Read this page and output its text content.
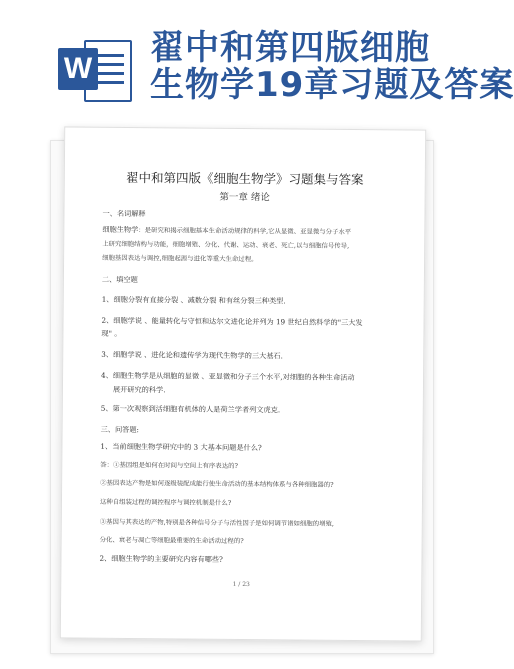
W
翟中和第四版细胞
生物学19章习题及答案
翟中和第四版《细胞生物学》习题集与答案
第一章 绪论
一、名词解释
细胞生物学：是研究和揭示细胞基本生命活动规律的科学,它从显微、亚显微与分子水平
上研究细胞结构与功能，细胞增殖、分化、代谢、运动、衰老、死亡,以与细胞信号传导,
细胞基因表达与调控,细胞起源与进化等重大生命过程。
二、填空题
1、细胞分裂有直接分裂 、减数分裂 和有丝分裂三种类型.
2、细胞学说 、能量转化与守恒和达尔文进化论并列为 19 世纪自然科学的"三大发
现" 。
3、细胞学说 、进化论和遗传学为现代生物学的三大基石.
4、细胞生物学是从细胞的显微 、亚显微和分子三个水平,对细胞的各种生命活动
展开研究的科学.
5、第一次观察到活细胞有机体的人是荷兰学者列文虎克.
三、问答题:
1、当前细胞生物学研究中的 3 大基本问题是什么?
答：①基因组是如何在时间与空间上有序表达的?
②基因表达产物是如何逐级装配成能行使生命活动的基本结构体系与各种细胞器的?
这种自组装过程的调控程序与调控机制是什么?
③基因与其表达的产物,特别是各种信号分子与活性因子是如何调节诸如细胞的增殖,
分化、衰老与凋亡等细胞最重要的生命活动过程的?
2、细胞生物学的主要研究内容有哪些?
1 / 23
